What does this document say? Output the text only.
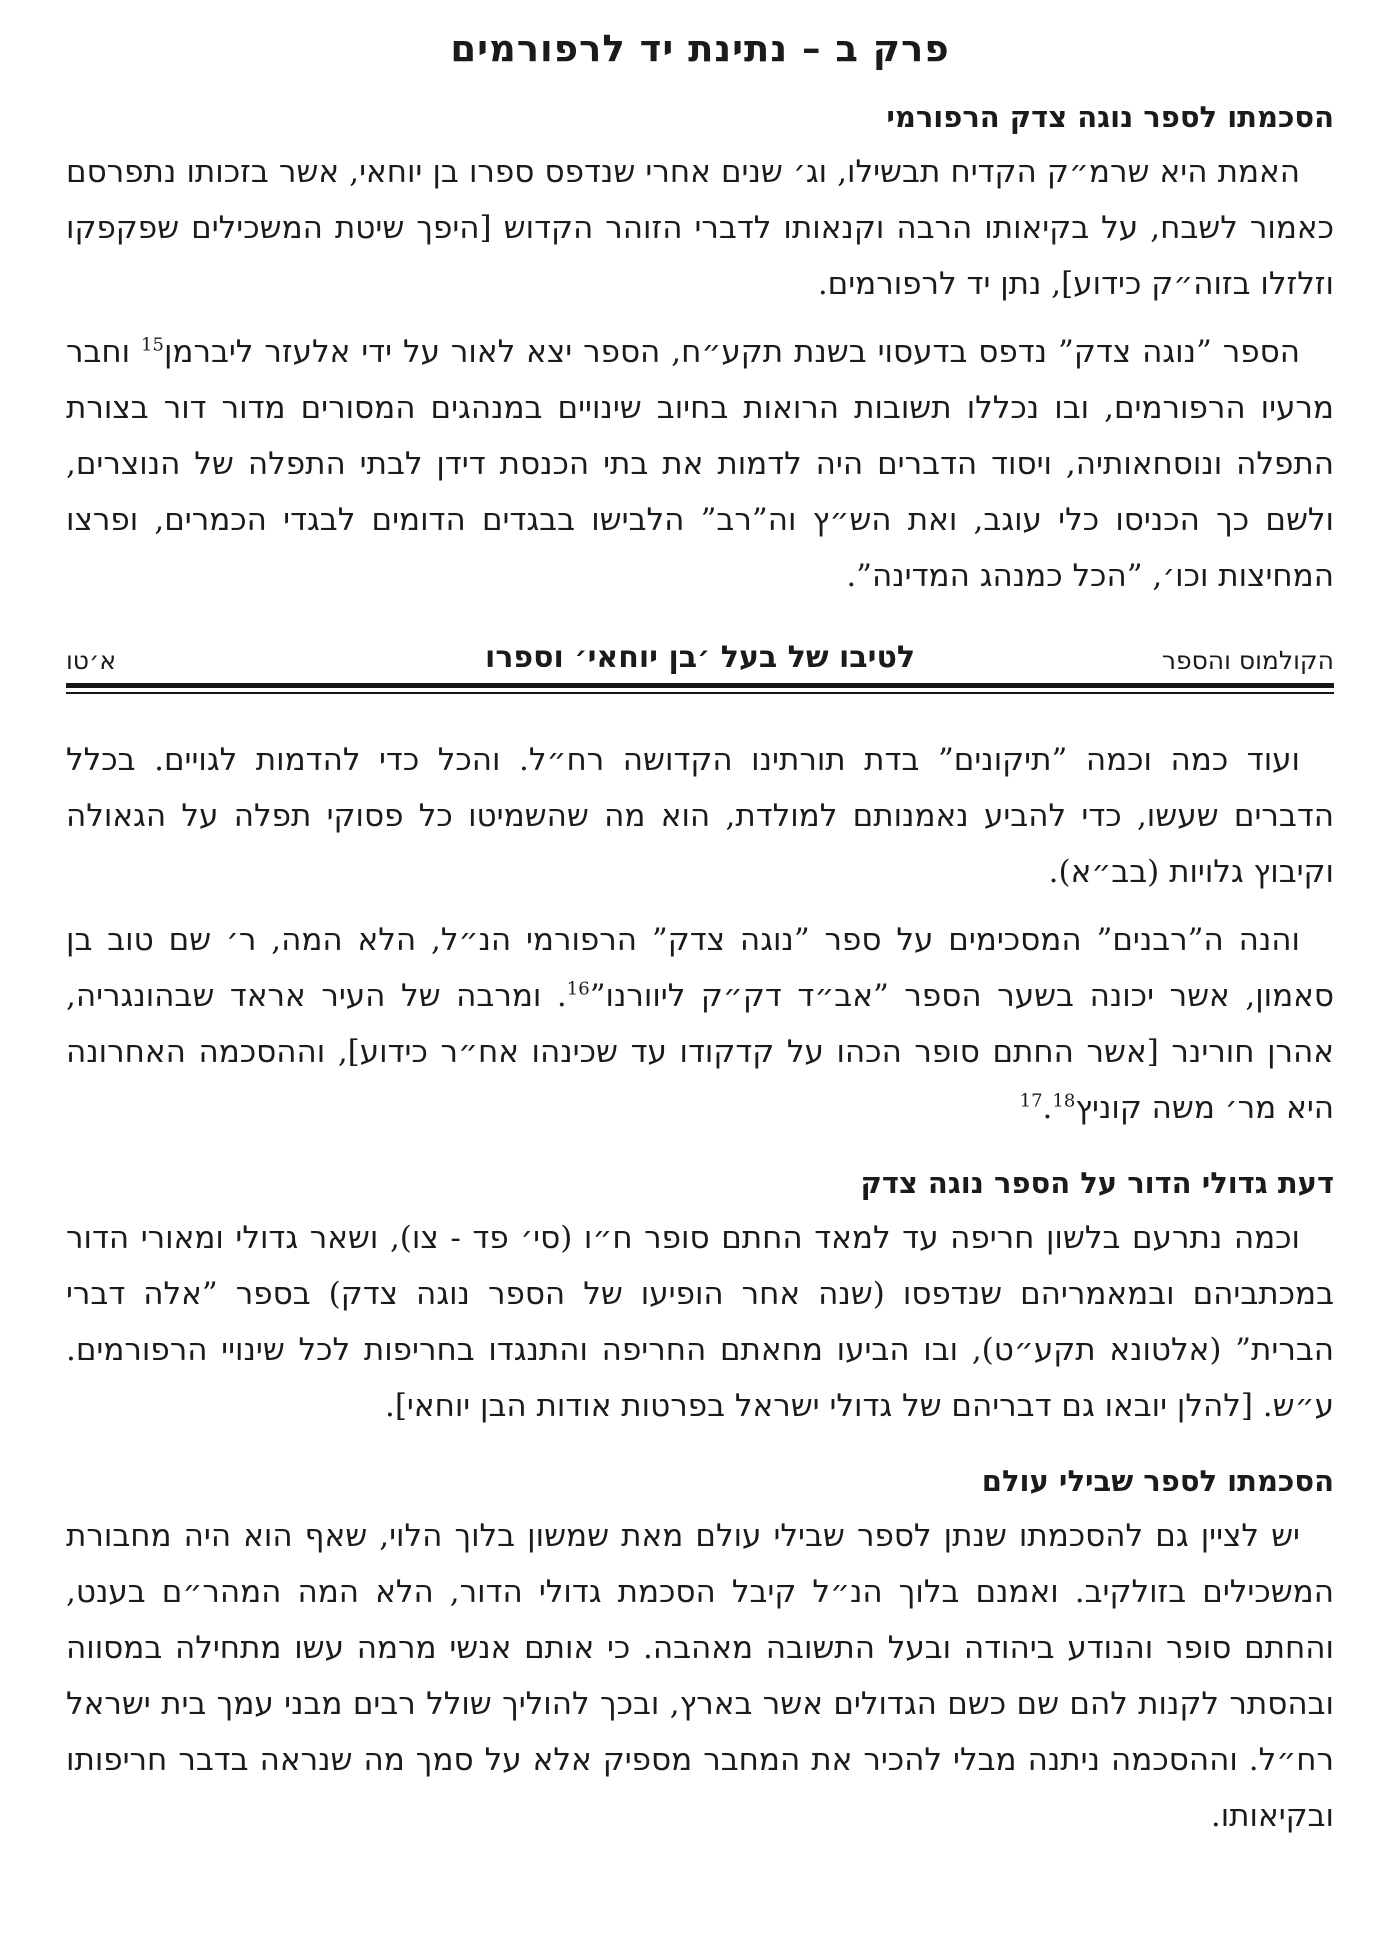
פרק ב – נתינת יד לרפורמים
הסכמתו לספר נוגה צדק הרפורמי

האמת היא שרמ״ק הקדיח תבשילו, וג׳ שנים אחרי שנדפס ספרו בן יוחאי, אשר בזכותו נתפרסם כאמור לשבח, על בקיאותו הרבה וקנאותו לדברי הזוהר הקדוש [היפך שיטת המשכילים שפקפקו וזלזלו בזוה״ק כידוע], נתן יד לרפורמים.

הספר ”נוגה צדק” נדפס בדעסוי בשנת תקע״ח, הספר יצא לאור על ידי אלעזר ליברמן$^{15}$ וחבר מרעיו הרפורמים, ובו נכללו תשובות הרואות בחיוב שינויים במנהגים המסורים מדור דור בצורת התפלה ונוסחאותיה, ויסוד הדברים היה לדמות את בתי הכנסת דידן לבתי התפלה של הנוצרים, ולשם כך הכניסו כלי עוגב, ואת הש״ץ וה”רב” הלבישו בבגדים הדומים לבגדי הכמרים, ופרצו המחיצות וכו׳, ”הכל כמנהג המדינה”.

הקולמוס והספר
לטיבו של בעל ׳בן יוחאי׳ וספרו
א׳טו

ועוד כמה וכמה ”תיקונים” בדת תורתינו הקדושה רח״ל. והכל כדי להדמות לגויים. בכלל הדברים שעשו, כדי להביע נאמנותם למולדת, הוא מה שהשמיטו כל פסוקי תפלה על הגאולה וקיבוץ גלויות (בב״א).

והנה ה”רבנים” המסכימים על ספר ”נוגה צדק” הרפורמי הנ״ל, הלא המה, ר׳ שם טוב בן סאמון, אשר יכונה בשער הספר ”אב״ד דק״ק ליוורנו”$^{16}$. ומרבה של העיר אראד שבהונגריה, אהרן חורינר [אשר החתם סופר הכהו על קדקודו עד שכינהו אח״ר כידוע], וההסכמה האחרונה היא מר׳ משה קוניץ$^{17}$.$^{18}$

דעת גדולי הדור על הספר נוגה צדק

וכמה נתרעם בלשון חריפה עד למאד החתם סופר ח״ו (סי׳ פד - צו), ושאר גדולי ומאורי הדור במכתביהם ובמאמריהם שנדפסו (שנה אחר הופיעו של הספר נוגה צדק) בספר ”אלה דברי הברית” (אלטונא תקע״ט), ובו הביעו מחאתם החריפה והתנגדו בחריפות לכל שינויי הרפורמים. ע״ש. [להלן יובאו גם דבריהם של גדולי ישראל בפרטות אודות הבן יוחאי].

הסכמתו לספר שבילי עולם

יש לציין גם להסכמתו שנתן לספר שבילי עולם מאת שמשון בלוך הלוי, שאף הוא היה מחבורת המשכילים בזולקיב. ואמנם בלוך הנ״ל קיבל הסכמת גדולי הדור, הלא המה המהר״ם בענט, והחתם סופר והנודע ביהודה ובעל התשובה מאהבה. כי אותם אנשי מרמה עשו מתחילה במסווה ובהסתר לקנות להם שם כשם הגדולים אשר בארץ, ובכך להוליך שולל רבים מבני עמך בית ישראל רח״ל. וההסכמה ניתנה מבלי להכיר את המחבר מספיק אלא על סמך מה שנראה בדבר חריפותו ובקיאותו.
